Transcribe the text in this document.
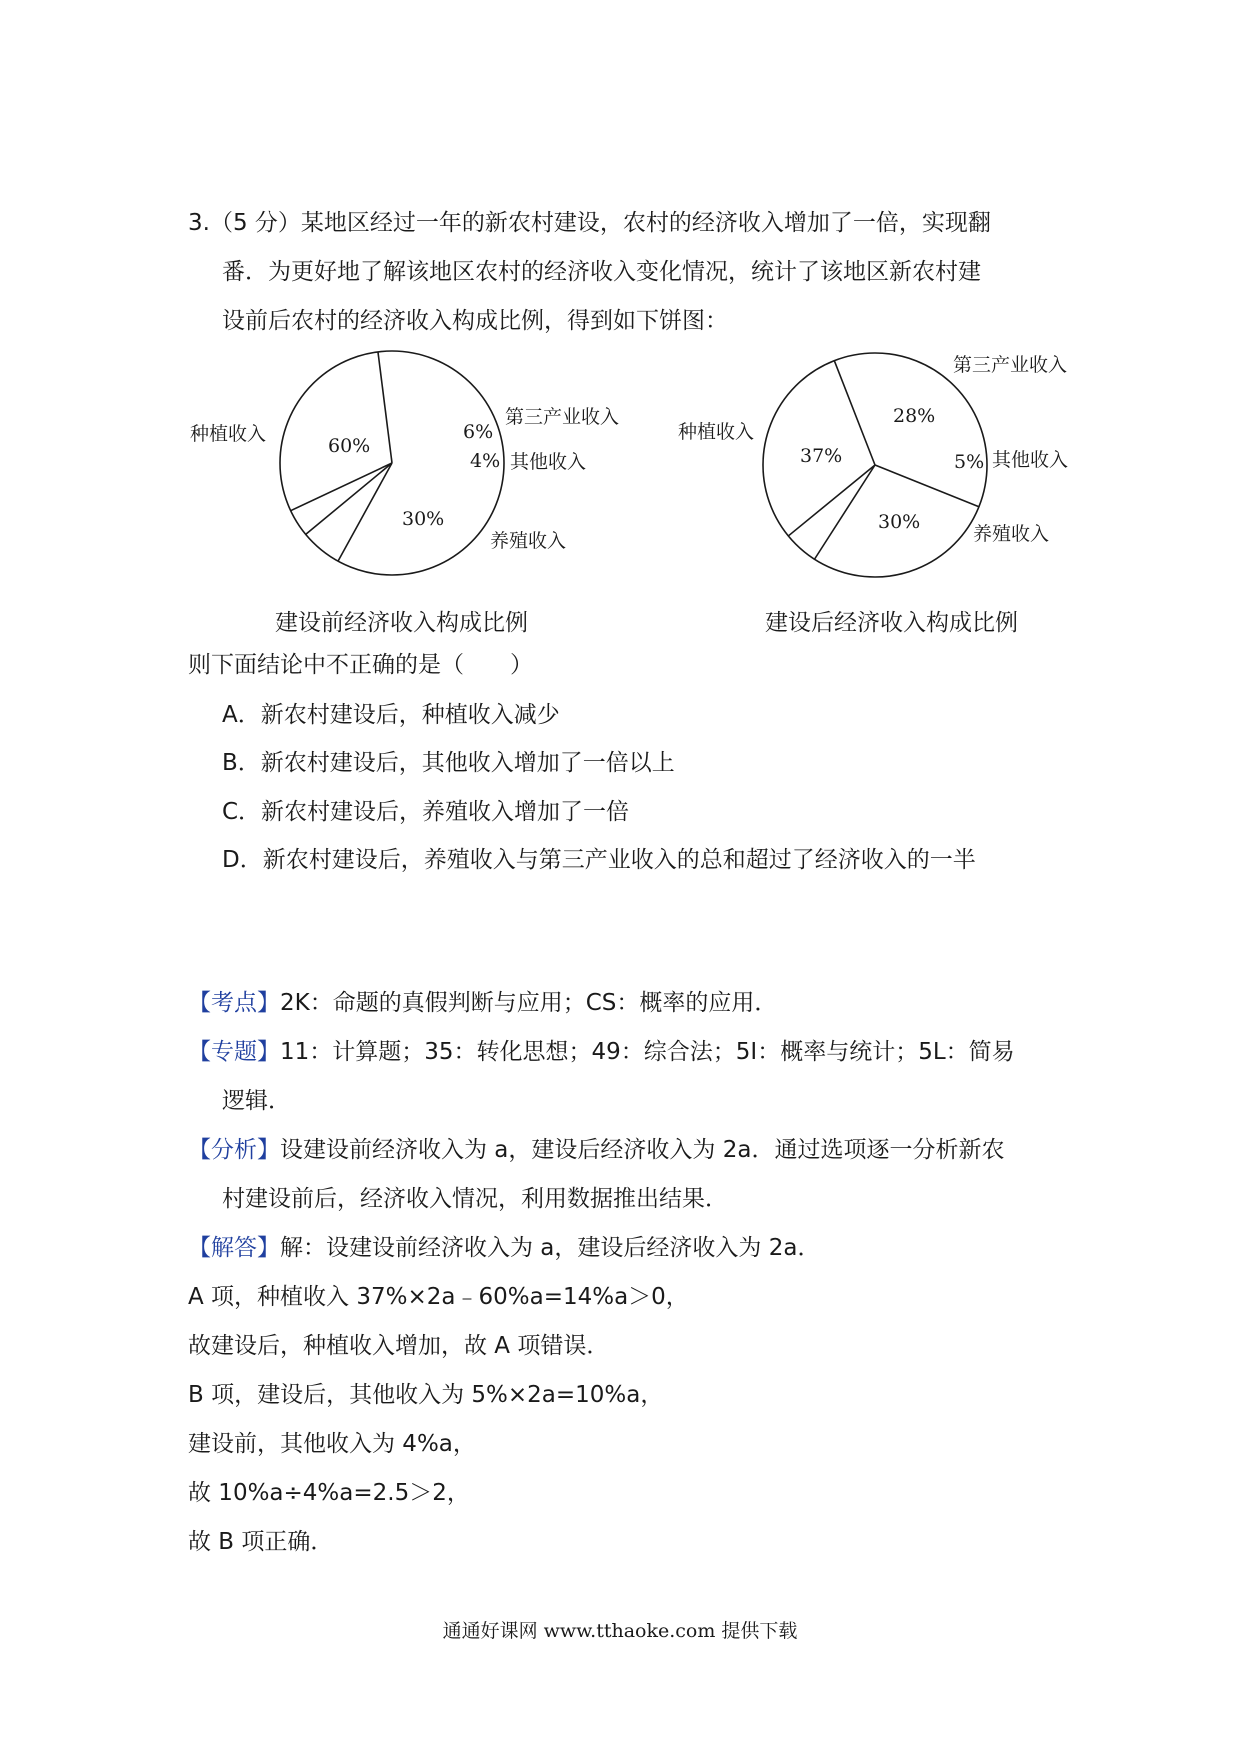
3.（5 分）某地区经过一年的新农村建设，农村的经济收入增加了一倍，实现翻
番．为更好地了解该地区农村的经济收入变化情况，统计了该地区新农村建
设前后农村的经济收入构成比例，得到如下饼图：
种植收入
第三产业收入
其他收入
养殖收入
60%
6%
4%
30%
种植收入
第三产业收入
其他收入
养殖收入
37%
28%
5%
30%
建设前经济收入构成比例	建设后经济收入构成比例
则下面结论中不正确的是（　　）
A．新农村建设后，种植收入减少
B．新农村建设后，其他收入增加了一倍以上
C．新农村建设后，养殖收入增加了一倍
D．新农村建设后，养殖收入与第三产业收入的总和超过了经济收入的一半
【考点】2K：命题的真假判断与应用；CS：概率的应用．
【专题】11：计算题；35：转化思想；49：综合法；5I：概率与统计；5L：简易
逻辑．
【分析】设建设前经济收入为 a，建设后经济收入为 2a．通过选项逐一分析新农
村建设前后，经济收入情况，利用数据推出结果．
【解答】解：设建设前经济收入为 a，建设后经济收入为 2a．
A 项，种植收入 37%×2a﹣60%a=14%a＞0，
故建设后，种植收入增加，故 A 项错误．
B 项，建设后，其他收入为 5%×2a=10%a，
建设前，其他收入为 4%a，
故 10%a÷4%a=2.5＞2，
故 B 项正确．
通通好课网 www.tthaoke.com 提供下载
